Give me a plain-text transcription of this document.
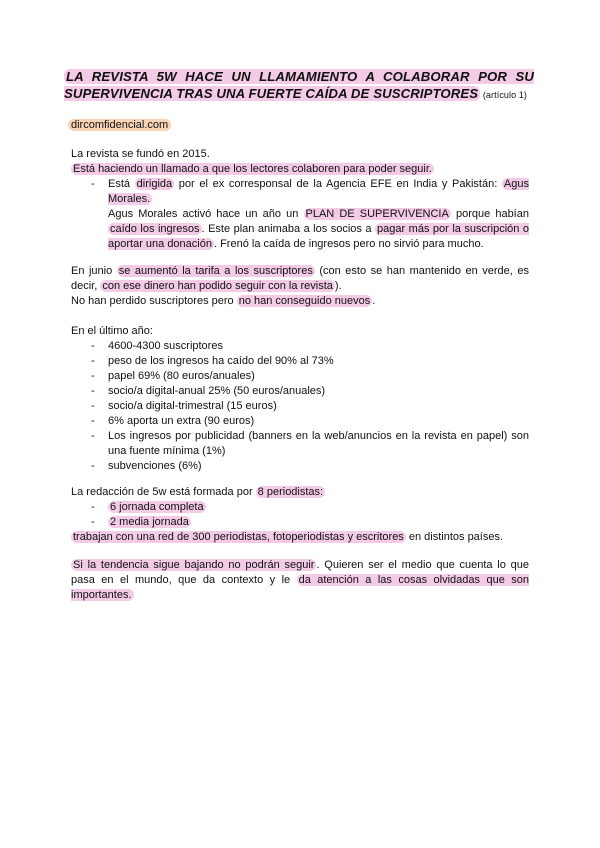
LA REVISTA 5W HACE UN LLAMAMIENTO A COLABORAR POR SU SUPERVIVENCIA TRAS UNA FUERTE CAÍDA DE SUSCRIPTORES (artículo 1)
dircomfidencial.com
La revista se fundó en 2015.
Está haciendo un llamado a que los lectores colaboren para poder seguir.
- Está dirigida por el ex corresponsal de la Agencia EFE en India y Pakistán: Agus Morales.
Agus Morales activó hace un año un PLAN DE SUPERVIVENCIA porque habían caído los ingresos . Este plan animaba a los socios a pagar más por la suscripción o aportar una donación . Frenó la caída de ingresos pero no sirvió para mucho.
En junio se aumentó la tarifa a los suscriptores (con esto se han mantenido en verde, es decir, con ese dinero han podido seguir con la revista ).
No han perdido suscriptores pero no han conseguido nuevos .
En el último año:
- 4600-4300 suscriptores
- peso de los ingresos ha caído del 90% al 73%
- papel 69% (80 euros/anuales)
- socio/a digital-anual 25% (50 euros/anuales)
- socio/a digital-trimestral (15 euros)
- 6% aporta un extra (90 euros)
- Los ingresos por publicidad (banners en la web/anuncios en la revista en papel) son una fuente mínima (1%)
- subvenciones (6%)
La redacción de 5w está formada por 8 periodistas:
- 6 jornada completa
- 2 media jornada
trabajan con una red de 300 periodistas, fotoperiodistas y escritores en distintos países.
Si la tendencia sigue bajando no podrán seguir . Quieren ser el medio que cuenta lo que pasa en el mundo, que da contexto y le da atención a las cosas olvidadas que son importantes.
